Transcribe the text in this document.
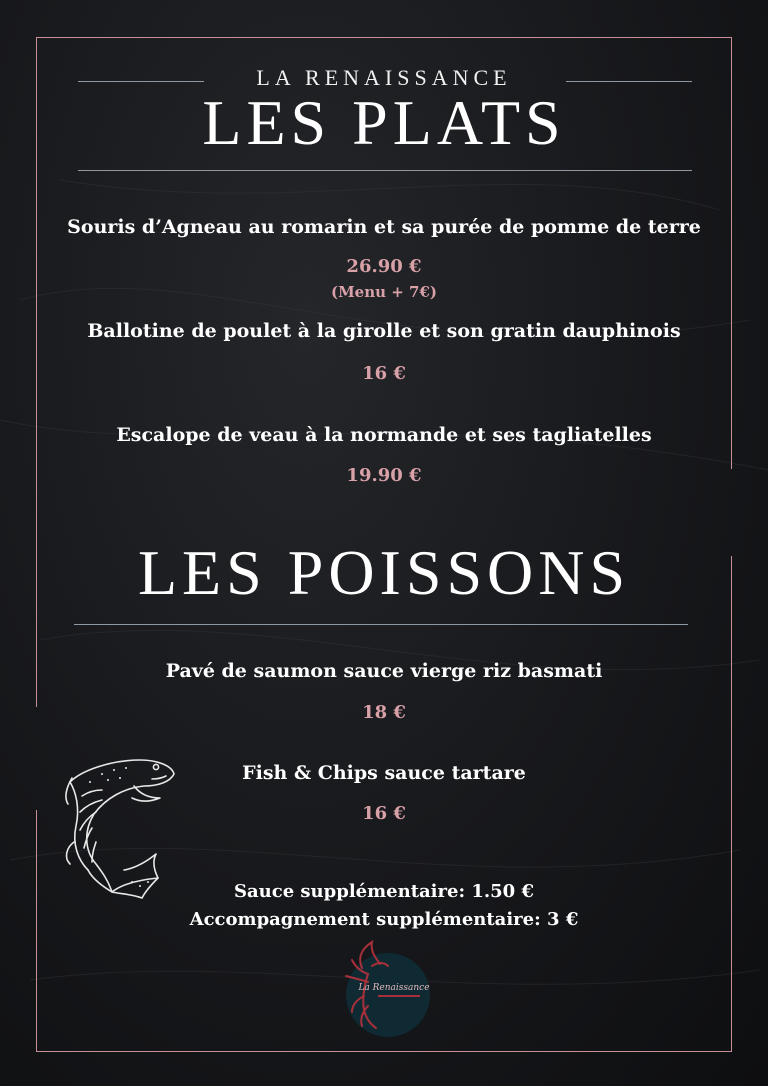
LA RENAISSANCE
LES PLATS
Souris d’Agneau au romarin et sa purée de pomme de terre
26.90 €
(Menu + 7€)
Ballotine de poulet à la girolle et son gratin dauphinois
16 €
Escalope de veau à la normande et ses tagliatelles
19.90 €
LES POISSONS
Pavé de saumon sauce vierge riz basmati
18 €
Fish & Chips sauce tartare
16 €
Sauce supplémentaire: 1.50 €
Accompagnement supplémentaire: 3 €
La Renaissance
